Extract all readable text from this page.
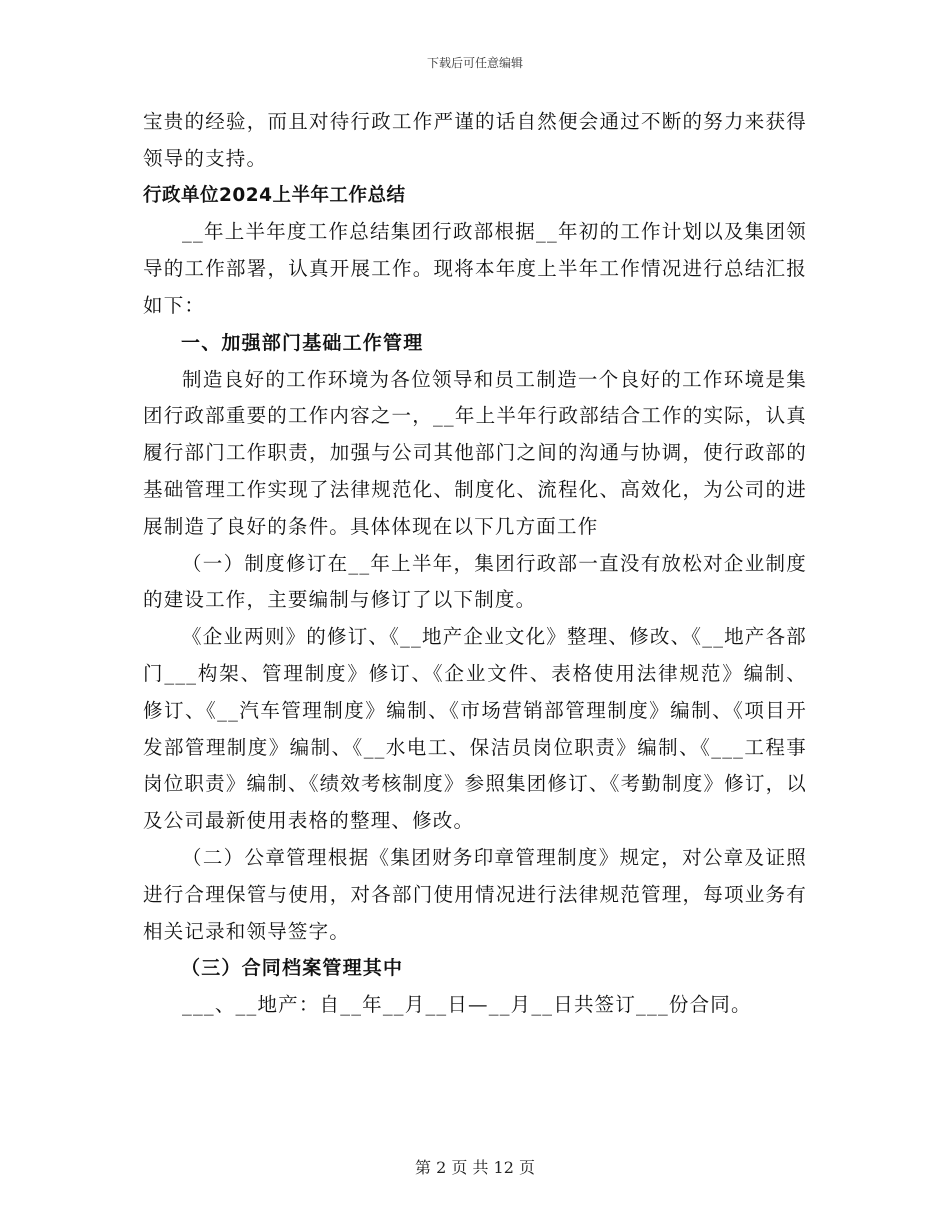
下载后可任意编辑

宝贵的经验，而且对待行政工作严谨的话自然便会通过不断的努力来获得领导的支持。

行政单位2024上半年工作总结

__年上半年度工作总结集团行政部根据__年初的工作计划以及集团领导的工作部署，认真开展工作。现将本年度上半年工作情况进行总结汇报如下：

一、加强部门基础工作管理

制造良好的工作环境为各位领导和员工制造一个良好的工作环境是集团行政部重要的工作内容之一，__年上半年行政部结合工作的实际，认真履行部门工作职责，加强与公司其他部门之间的沟通与协调，使行政部的基础管理工作实现了法律规范化、制度化、流程化、高效化，为公司的进展制造了良好的条件。具体体现在以下几方面工作

（一）制度修订在__年上半年，集团行政部一直没有放松对企业制度的建设工作，主要编制与修订了以下制度。

《企业两则》的修订、《__地产企业文化》整理、修改、《__地产各部门___构架、管理制度》修订、《企业文件、表格使用法律规范》编制、修订、《__汽车管理制度》编制、《市场营销部管理制度》编制、《项目开发部管理制度》编制、《__水电工、保洁员岗位职责》编制、《___工程事岗位职责》编制、《绩效考核制度》参照集团修订、《考勤制度》修订，以及公司最新使用表格的整理、修改。

（二）公章管理根据《集团财务印章管理制度》规定，对公章及证照进行合理保管与使用，对各部门使用情况进行法律规范管理，每项业务有相关记录和领导签字。

（三）合同档案管理其中

___、__地产：自__年__月__日—__月__日共签订___份合同。

第 2 页 共 12 页
